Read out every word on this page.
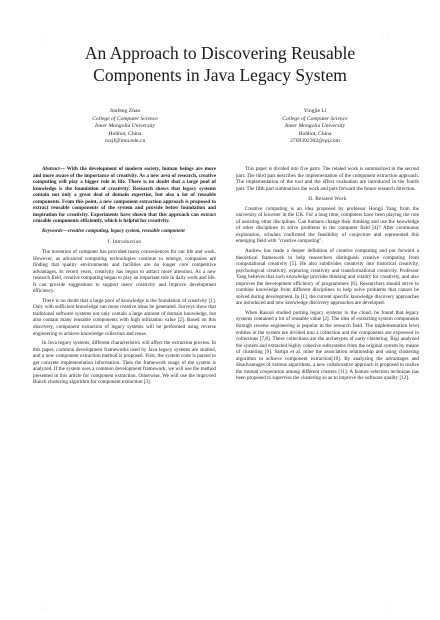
An Approach to Discovering Reusable
Components in Java Legacy System
Junfeng Zhao
College of Computer Science
Inner Mongolia University
Hohhot, China
cszjf@imu.edu.cn
Yingjie Li
College of Computer Science
Inner Mongolia University
Hohhot, China
2769392302@qq.com

Abstract— With the development of modern society, human beings are more and more aware of the importance of creativity. As a new area of research, creative computing will play a bigger role in life. There is no doubt that a large pool of knowledge is the foundation of creativity. Research shows that legacy systems contain not only a great deal of domain expertise, but also a lot of reusable components. From this point, a new component extraction approach is proposed to extract reusable components of the system and provide better foundation and inspiration for creativity. Experiments have shown that this approach can extract reusable components efficiently, which is helpful for creativity.

Keywords—creative computing, legacy system, reusable component

I. Introduction

The invention of computer has provided many conveniences for our life and work. However, as advanced computing technologies continue to emerge, companies are finding that quality environments and facilities are no longer core competitive advantages. In recent years, creativity has begun to attract more attention. As a new research field, creative computing began to play an important role in daily work and life. It can provide suggestions to support users' creativity and improve development efficiency.

There is no doubt that a large pool of knowledge is the foundation of creativity [1]. Only with sufficient knowledge can more creative ideas be generated. Surveys show that traditional software systems not only contain a large amount of domain knowledge, but also contain many reusable components with high utilization value [2]. Based on this discovery, component extraction of legacy systems will be performed using reverse engineering to achieve knowledge collection and reuse.

In Java legacy systems, different characteristics will affect the extraction process. In this paper, common development frameworks used by Java legacy systems are studied, and a new component extraction method is proposed. First, the system code is parsed to get concrete implementation information. Then the framework usage of the system is analyzed. If the system uses a common development framework, we will use the method presented in this article for component extraction. Otherwise, We will use the improved Bunch clustering algorithm for component extraction [3].

This paper is divided into five parts. The related work is summarized in the second part. The third part describes the implementation of the component extraction approach. The implementation of the tool and the effect evaluation are introduced in the fourth part. The fifth part summarizes the work and puts forward the future research direction.

II. Related Work

Creative computing is an idea proposed by professor Hongji Yang from the university of leicester in the UK. For a long time, computers have been playing the role of assisting other disciplines. Can humans change their thinking and use the knowledge of other disciplines to solve problems in the computer field [4]? After continuous exploration, scholars confirmed the feasibility of conjecture and represented this emerging field with "creative computing".

Andrew has made a deeper definition of creative computing and put forward a theoretical framework to help researchers distinguish creative computing from computational creativity [5]. He also subdivides creativity into historical creativity, psychological creativity, exploring creativity and transformational creativity. Professor Yang believes that such knowledge provides thinking and vitality for creativity, and also improves the development efficiency of programmers [6]. Researchers should strive to combine knowledge from different disciplines to help solve problems that cannot be solved during development. In [1], the current specific knowledge discovery approaches are introduced and new knowledge discovery approaches are developed.

When Rasool studied porting legacy systems to the cloud, he found that legacy systems contained a lot of reusable value [2]. The idea of extracting system components through reverse engineering is popular in the research field. The implementation level entities in the system are divided into a collection and the components are expressed in collections [7,8]. These collections are the archetypes of early clustering. Rigi analyzed the system and extracted highly cohesive subsystems from the original system by means of clustering [9]. Sartipi et al. mine the association relationship and using clustering algorithm to achieve component extraction[10]. By analyzing the advantages and disadvantages of various algorithms, a new collaborative approach is proposed to realize the mutual cooperation among different clusters [11]. A feature selection technique has been proposed to supervise the clustering so as to improve the software quality [12].
